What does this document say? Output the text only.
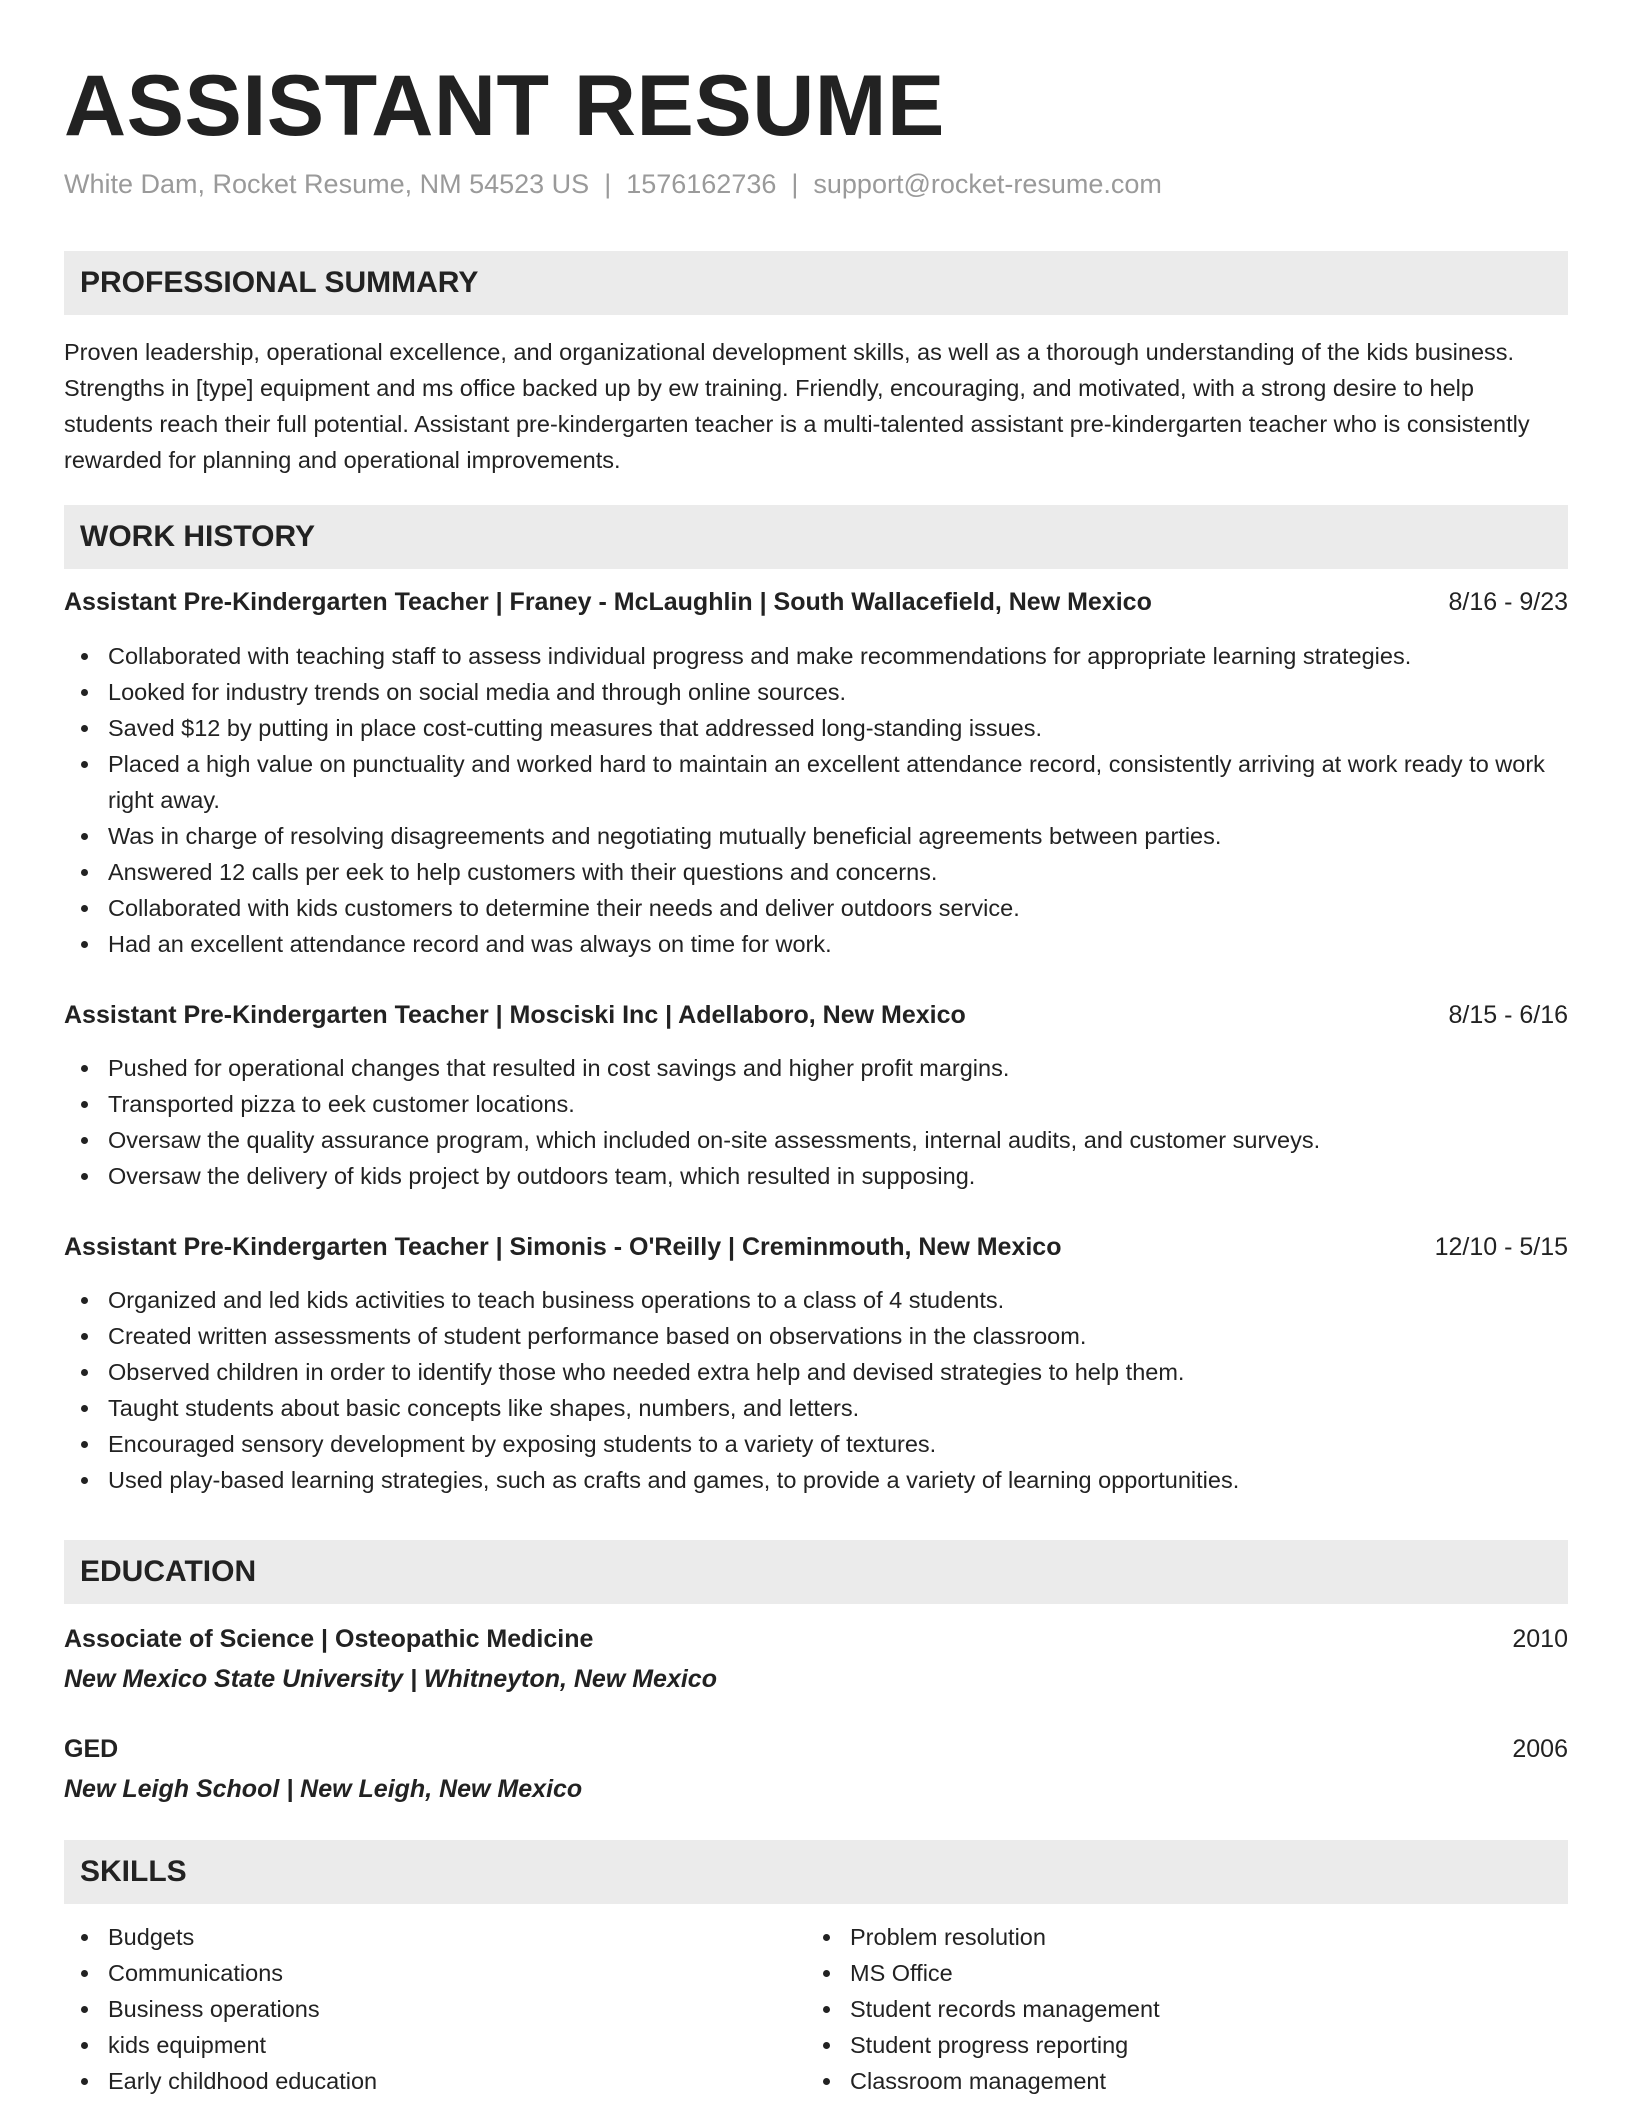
ASSISTANT RESUME
White Dam, Rocket Resume, NM 54523 US | 1576162736 | support@rocket-resume.com
PROFESSIONAL SUMMARY

Proven leadership, operational excellence, and organizational development skills, as well as a thorough understanding of the kids business. Strengths in [type] equipment and ms office backed up by ew training. Friendly, encouraging, and motivated, with a strong desire to help students reach their full potential. Assistant pre-kindergarten teacher is a multi-talented assistant pre-kindergarten teacher who is consistently rewarded for planning and operational improvements.

WORK HISTORY
Assistant Pre-Kindergarten Teacher | Franey - McLaughlin | South Wallacefield, New Mexico	8/16 - 9/23
Collaborated with teaching staff to assess individual progress and make recommendations for appropriate learning strategies.
Looked for industry trends on social media and through online sources.
Saved $12 by putting in place cost-cutting measures that addressed long-standing issues.
Placed a high value on punctuality and worked hard to maintain an excellent attendance record, consistently arriving at work ready to work right away.
Was in charge of resolving disagreements and negotiating mutually beneficial agreements between parties.
Answered 12 calls per eek to help customers with their questions and concerns.
Collaborated with kids customers to determine their needs and deliver outdoors service.
Had an excellent attendance record and was always on time for work.
Assistant Pre-Kindergarten Teacher | Mosciski Inc | Adellaboro, New Mexico	8/15 - 6/16
Pushed for operational changes that resulted in cost savings and higher profit margins.
Transported pizza to eek customer locations.
Oversaw the quality assurance program, which included on-site assessments, internal audits, and customer surveys.
Oversaw the delivery of kids project by outdoors team, which resulted in supposing.
Assistant Pre-Kindergarten Teacher | Simonis - O'Reilly | Creminmouth, New Mexico	12/10 - 5/15
Organized and led kids activities to teach business operations to a class of 4 students.
Created written assessments of student performance based on observations in the classroom.
Observed children in order to identify those who needed extra help and devised strategies to help them.
Taught students about basic concepts like shapes, numbers, and letters.
Encouraged sensory development by exposing students to a variety of textures.
Used play-based learning strategies, such as crafts and games, to provide a variety of learning opportunities.
EDUCATION
Associate of Science | Osteopathic Medicine	2010
New Mexico State University | Whitneyton, New Mexico
GED	2006
New Leigh School | New Leigh, New Mexico
SKILLS
Budgets
Communications
Business operations
kids equipment
Early childhood education
Problem resolution
MS Office
Student records management
Student progress reporting
Classroom management
